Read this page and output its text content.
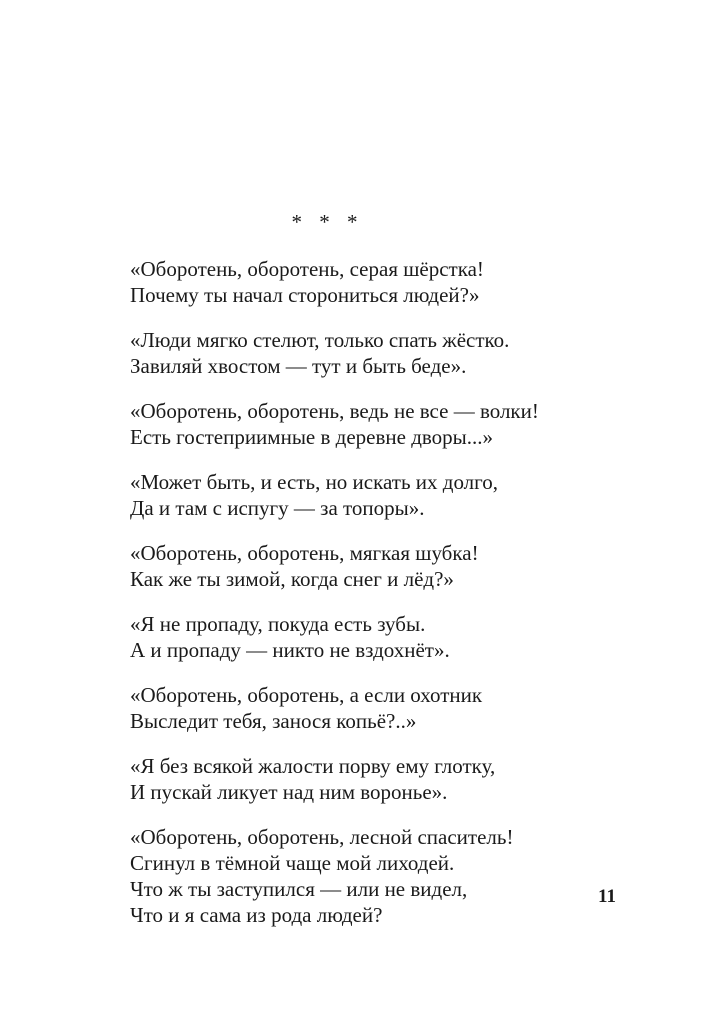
* * *
«Оборотень, оборотень, серая шёрстка!
Почему ты начал сторониться людей?»
«Люди мягко стелют, только спать жёстко.
Завиляй хвостом — тут и быть беде».
«Оборотень, оборотень, ведь не все — волки!
Есть гостеприимные в деревне дворы...»
«Может быть, и есть, но искать их долго,
Да и там с испугу — за топоры».
«Оборотень, оборотень, мягкая шубка!
Как же ты зимой, когда снег и лёд?»
«Я не пропаду, покуда есть зубы.
А и пропаду — никто не вздохнёт».
«Оборотень, оборотень, а если охотник
Выследит тебя, занося копьё?..»
«Я без всякой жалости порву ему глотку,
И пускай ликует над ним воронье».
«Оборотень, оборотень, лесной спаситель!
Сгинул в тёмной чаще мой лиходей.
Что ж ты заступился — или не видел,
Что и я сама из рода людей?
11
